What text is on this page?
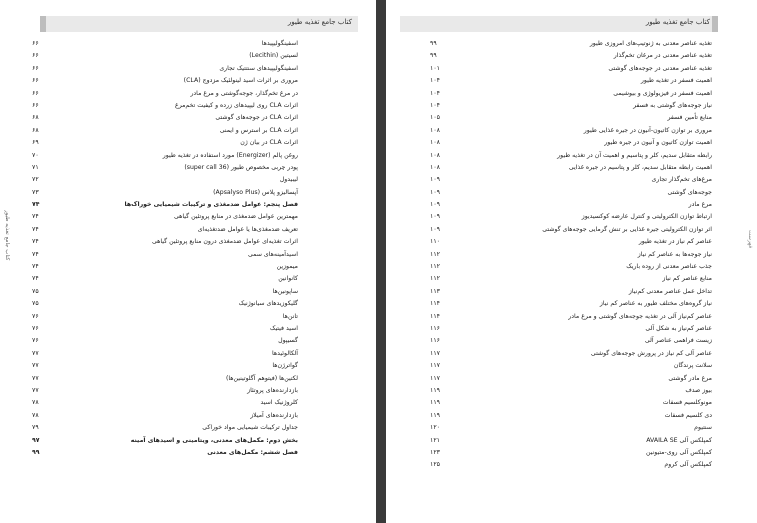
کتاب جامع تغذیه طیور
کتاب جامع تغذیه طیور
اسفینگولیپیدها
۶۶
لسیتین (Lecithin)
۶۶
اسفینگولیپیدهای سنتتیک تجاری
۶۶
مروری بر اثرات اسید لینولئیک مزدوج (CLA)
۶۶
در مرغ تخم‌گذار، جوجه‌گوشتی و مرغ مادر
۶۶
اثرات CLA روی لیپیدهای زرده و کیفیت تخم‌مرغ
۶۶
اثرات CLA در جوجه‌های گوشتی
۶۸
اثرات CLA بر استرس و ایمنی
۶۸
اثرات CLA در بیان ژن
۶۹
روغن پالم (Energizer) مورد استفاده در تغذیه طیور
۷۰
پودر چربی مخصوص طیور (super call 36)
۷۱
لیبیدول
۷۲
آپسالیزو پلاس (Apsalyso Plus)
۷۳
فصل پنجم: عوامل ضدمغذی و ترکیبات شیمیایی خوراک‌ها
۷۴
مهمترین عوامل ضدمغذی در منابع پروتئین گیاهی
۷۴
تعریف ضدمغذی‌ها یا عوامل ضدتغذیه‌ای
۷۴
اثرات تغذیه‌ای عوامل ضدمغذی درون منابع پروتئین گیاهی
۷۴
اسیدآمینه‌های سمی
۷۴
میموزین
۷۴
کانوانین
۷۴
ساپونین‌ها
۷۵
گلیکوزیدهای سیانوژنیک
۷۵
تانن‌ها
۷۶
اسید فیتیک
۷۶
گسیپول
۷۶
آلکالوئیدها
۷۷
گواترژن‌ها
۷۷
لکتین‌ها (فیتوهم آگلوتینین‌ها)
۷۷
بازدارنده‌های پروتئاز
۷۷
کلروژنیک اسید
۷۸
بازدارنده‌های آمیلاز
۷۸
جداول ترکیبات شیمیایی مواد خوراکی
۷۹
بخش دوم: مکمل‌های معدنی، ویتامینی و اسیدهای آمینه
۹۷
فصل ششم: مکمل‌های معدنی
۹۹
کتاب جامع تغذیه طیور
تغذیه عناصر معدنی به ژنوتیپ‌های امروزی طیور
۹۹
تغذیه عناصر معدنی در مرغان تخم‌گذار
۹۹
تغذیه عناصر معدنی در جوجه‌های گوشتی
۱۰۱
اهمیت فسفر در تغذیه طیور
۱۰۴
اهمیت فسفر در فیزیولوژی و بیوشیمی
۱۰۴
نیاز جوجه‌های گوشتی به فسفر
۱۰۴
منابع تأمین فسفر
۱۰۵
مروری بر توازن کاتیون-آنیون در جیره غذایی طیور
۱۰۸
اهمیت توازن کاتیون و آنیون در جیره طیور
۱۰۸
رابطه متقابل سدیم، کلر و پتاسیم و اهمیت آن در تغذیه طیور
۱۰۸
اهمیت رابطه متقابل سدیم، کلر و پتاسیم در جیره غذایی
۱۰۸
مرغ‌های تخم‌گذار تجاری
۱۰۹
جوجه‌های گوشتی
۱۰۹
مرغ مادر
۱۰۹
ارتباط توازن الکترولیتی و کنترل عارضه کوکسیدیوز
۱۰۹
اثر توازن الکترولیتی جیره غذایی بر تنش گرمایی جوجه‌های گوشتی
۱۰۹
عناصر کم نیاز در تغذیه طیور
۱۱۰
نیاز جوجه‌ها به عناصر کم نیاز
۱۱۲
جذب عناصر معدنی از روده باریک
۱۱۲
منابع عناصر کم نیاز
۱۱۲
تداخل عمل عناصر معدنی کم‌نیاز
۱۱۳
نیاز گروه‌های مختلف طیور به عناصر کم نیاز
۱۱۴
عناصر کم‌نیاز آلی در تغذیه جوجه‌های گوشتی و مرغ مادر
۱۱۴
عناصر کم‌نیاز به شکل آلی
۱۱۶
زیست فراهمی عناصر آلی
۱۱۶
عناصر آلی کم نیاز در پرورش جوجه‌های گوشتی
۱۱۷
سلانت پرندگان
۱۱۷
مرغ مادر گوشتی
۱۱۷
بیوز صدف
۱۱۹
مونوکلسیم فسفات
۱۱۹
دی کلسیم فسفات
۱۱۹
سنتیوم
۱۲۰
کمپلکس آلی AVAILA SE
۱۲۱
کمپلکس آلی روی-متیونین
۱۲۳
کمپلکس آلی کروم
۱۲۵
فهرست
